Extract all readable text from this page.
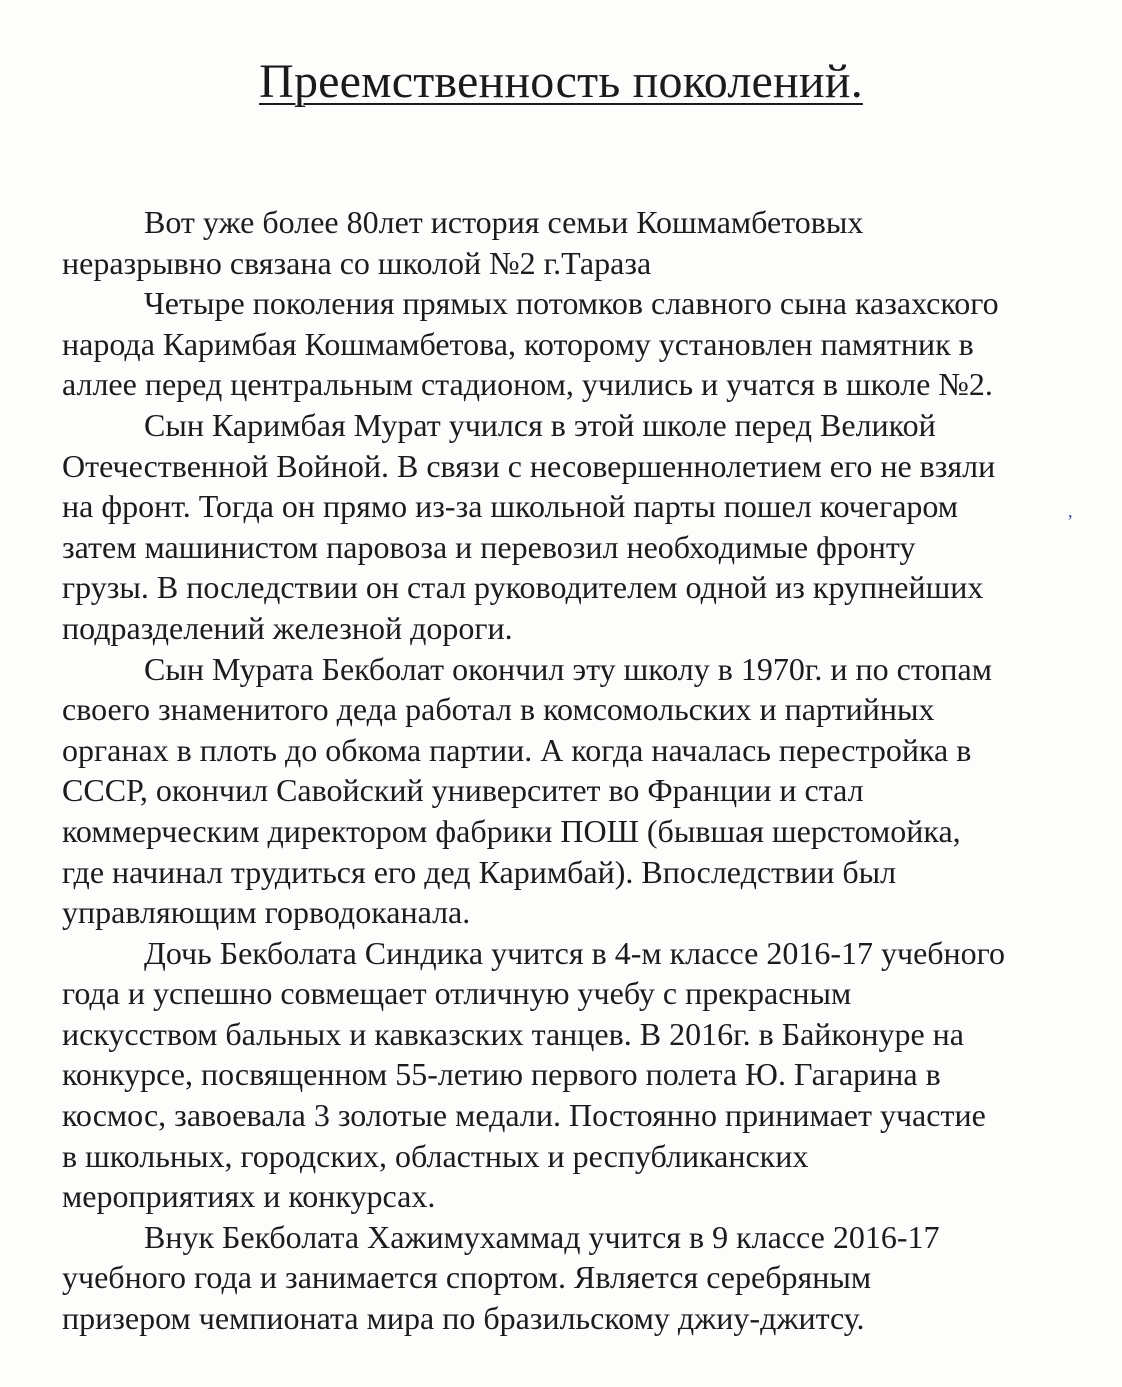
Преемственность поколений.
Вот уже более 80лет история семьи Кошмамбетовых
неразрывно связана со школой №2 г.Тараза
Четыре поколения прямых потомков славного сына казахского
народа Каримбая Кошмамбетова, которому установлен памятник в
аллее перед центральным стадионом, учились и учатся в школе №2.
Сын Каримбая Мурат учился в этой школе перед Великой
Отечественной Войной. В связи с несовершеннолетием его не взяли
на фронт. Тогда он прямо из-за школьной парты пошел кочегаром
затем машинистом паровоза и перевозил необходимые фронту
грузы. В последствии он стал руководителем одной из крупнейших
подразделений железной дороги.
Сын Мурата Бекболат окончил эту школу в 1970г. и по стопам
своего знаменитого деда работал в комсомольских и партийных
органах в плоть до обкома партии. А когда началась перестройка в
СССР, окончил Савойский университет во Франции и стал
коммерческим директором фабрики ПОШ (бывшая шерстомойка,
где начинал трудиться его дед Каримбай). Впоследствии был
управляющим горводоканала.
Дочь Бекболата Синдика учится в 4-м классе 2016-17 учебного
года и успешно совмещает отличную учебу с прекрасным
искусством бальных и кавказских танцев. В 2016г. в Байконуре на
конкурсе, посвященном 55-летию первого полета Ю. Гагарина в
космос, завоевала 3 золотые медали. Постоянно принимает участие
в школьных, городских, областных и республиканских
мероприятиях и конкурсах.
Внук Бекболата Хажимухаммад учится в 9 классе 2016-17
учебного года и занимается спортом. Является серебряным
призером чемпионата мира по бразильскому джиу-джитсу.
,
